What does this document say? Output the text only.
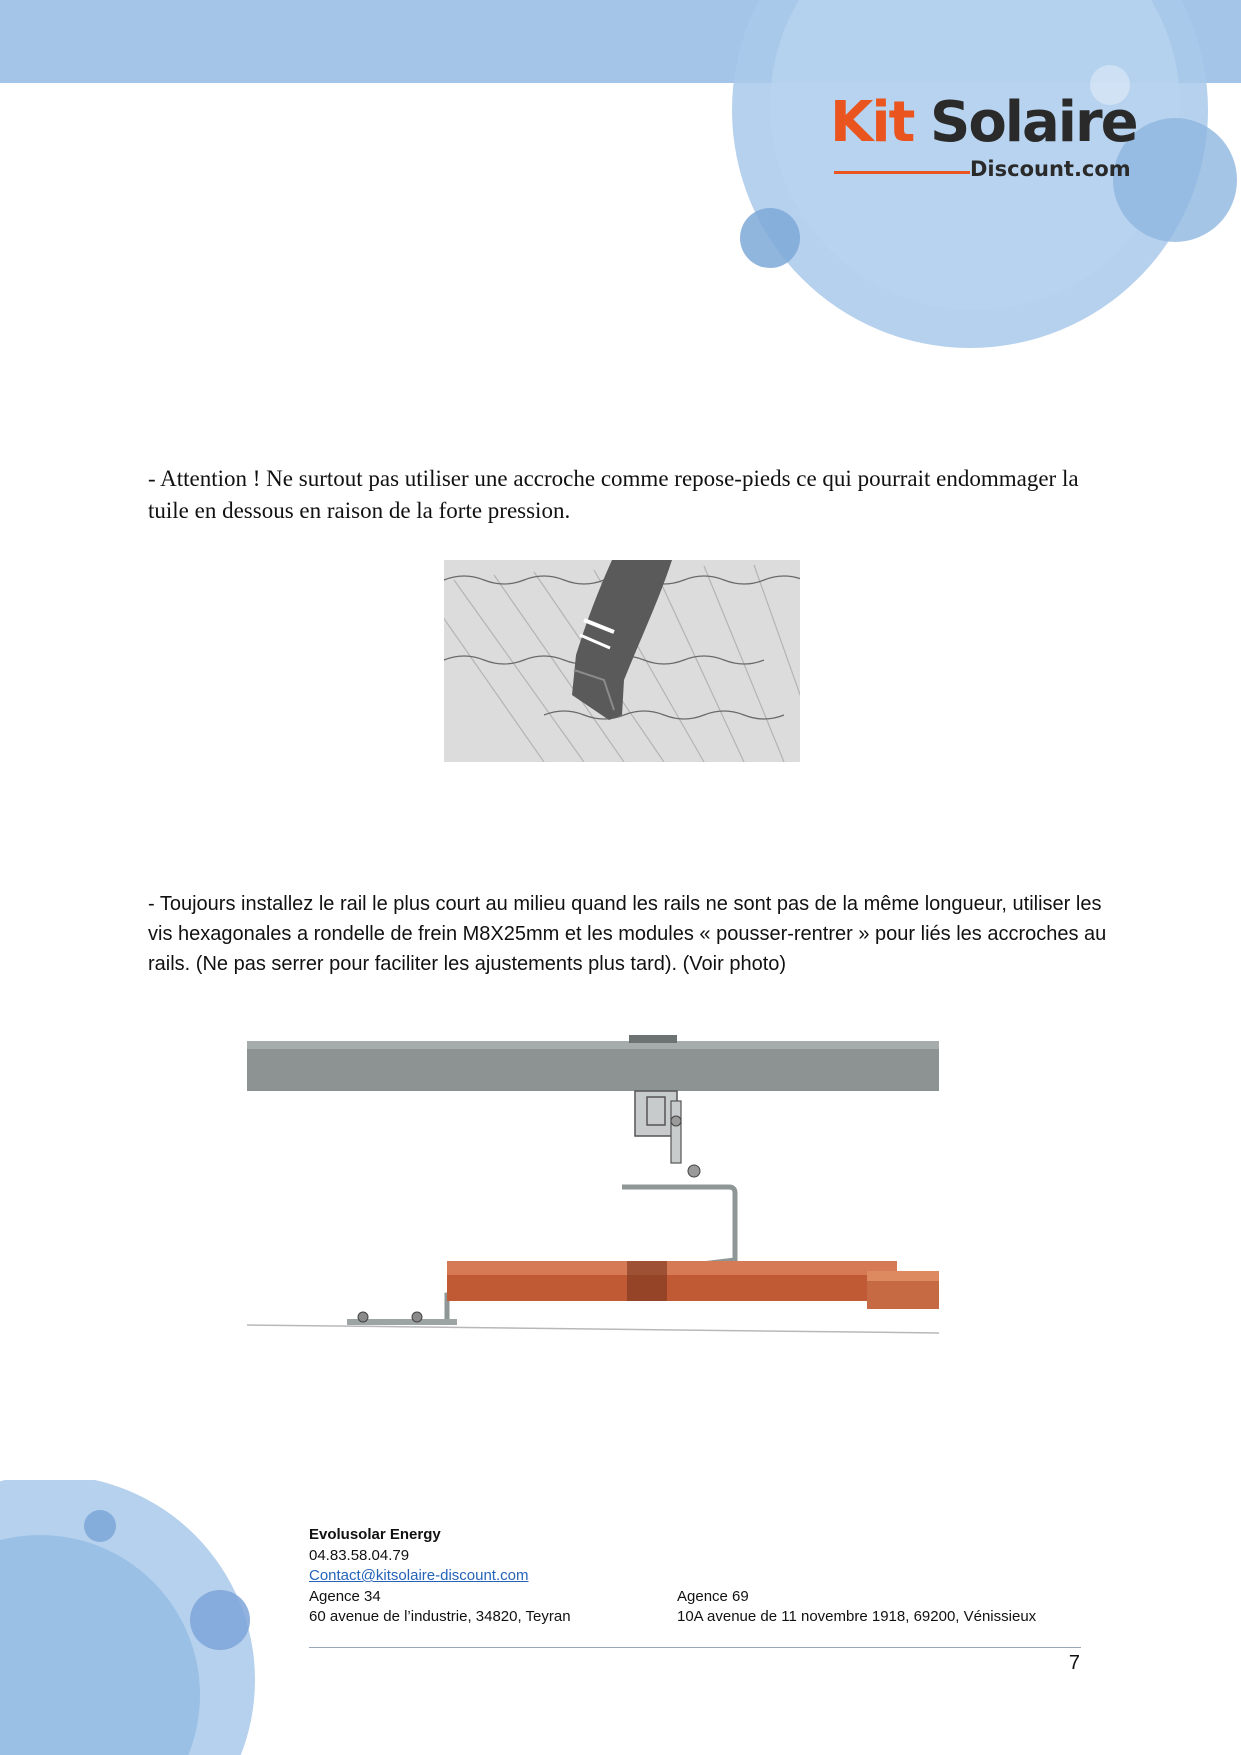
Kit Solaire
Discount.com

- Attention ! Ne surtout pas utiliser une accroche comme repose-pieds ce qui pourrait endommager la tuile en dessous en raison de la forte pression.

- Toujours installez le rail le plus court au milieu quand les rails ne sont pas de la même longueur, utiliser les vis hexagonales a rondelle de frein M8X25mm et les modules « pousser-rentrer » pour liés les accroches au rails. (Ne pas serrer pour faciliter les ajustements plus tard). (Voir photo)

Evolusolar Energy
04.83.58.04.79
Contact@kitsolaire-discount.com
Agence 34
60 avenue de l’industrie, 34820, Teyran
Agence 69
10A avenue de 11 novembre 1918, 69200, Vénissieux
7
